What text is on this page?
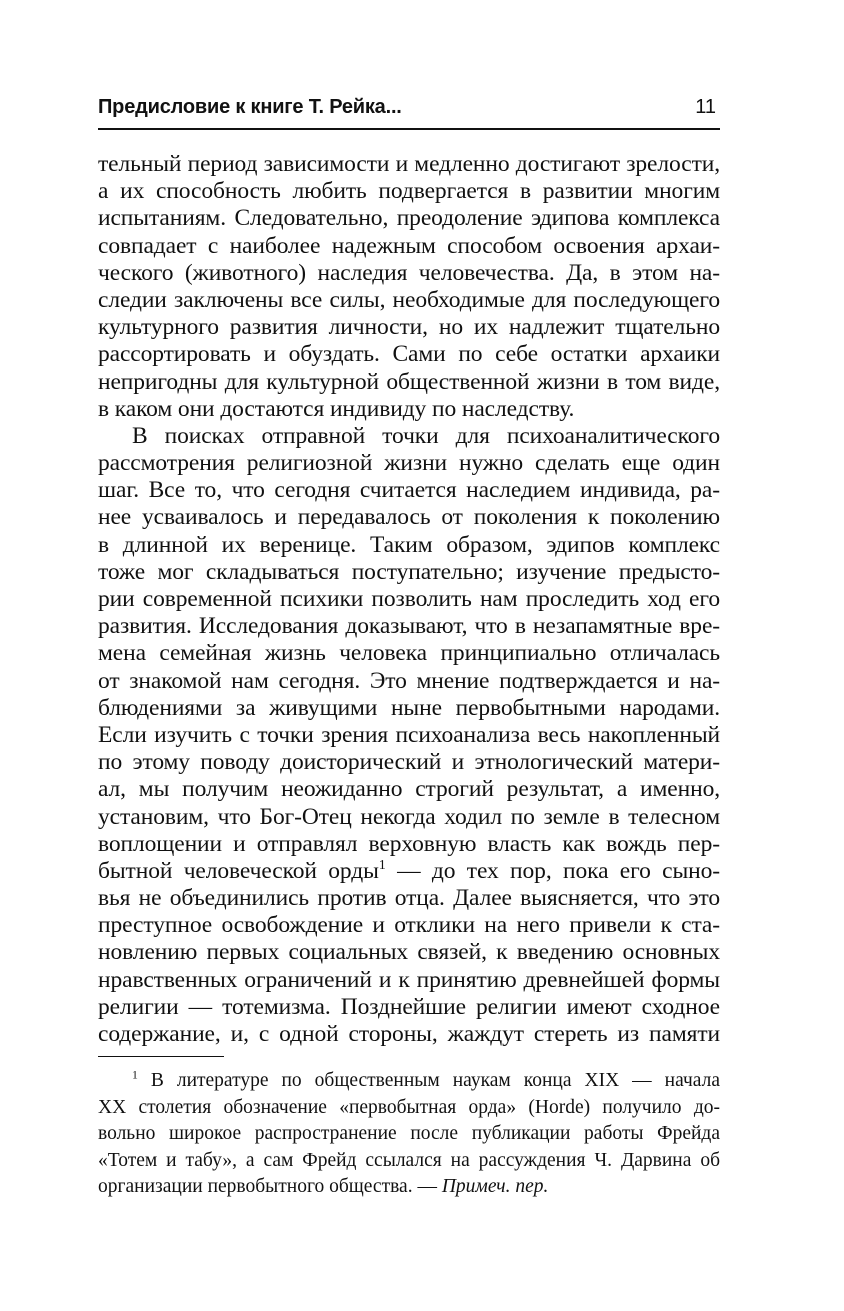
Предисловие к книге Т. Рейка...	11
тельный период зависимости и медленно достигают зрелости,
а их способность любить подвергается в развитии многим
испытаниям. Следовательно, преодоление эдипова комплекса
совпадает с наиболее надежным способом освоения архаи-
ческого (животного) наследия человечества. Да, в этом на-
следии заключены все силы, необходимые для последующего
культурного развития личности, но их надлежит тщательно
рассортировать и обуздать. Сами по себе остатки архаики
непригодны для культурной общественной жизни в том виде,
в каком они достаются индивиду по наследству.
В поисках отправной точки для психоаналитического
рассмотрения религиозной жизни нужно сделать еще один
шаг. Все то, что сегодня считается наследием индивида, ра-
нее усваивалось и передавалось от поколения к поколению
в длинной их веренице. Таким образом, эдипов комплекс
тоже мог складываться поступательно; изучение предысто-
рии современной психики позволить нам проследить ход его
развития. Исследования доказывают, что в незапамятные вре-
мена семейная жизнь человека принципиально отличалась
от знакомой нам сегодня. Это мнение подтверждается и на-
блюдениями за живущими ныне первобытными народами.
Если изучить с точки зрения психоанализа весь накопленный
по этому поводу доисторический и этнологический матери-
ал, мы получим неожиданно строгий результат, а именно,
установим, что Бог-Отец некогда ходил по земле в телесном
воплощении и отправлял верховную власть как вождь пер-
бытной человеческой орды$^1$ — до тех пор, пока его сыно-
вья не объединились против отца. Далее выясняется, что это
преступное освобождение и отклики на него привели к ста-
новлению первых социальных связей, к введению основных
нравственных ограничений и к принятию древнейшей формы
религии — тотемизма. Позднейшие религии имеют сходное
содержание, и, с одной стороны, жаждут стереть из памяти
$^1$ В литературе по общественным наукам конца XIX — начала
XX столетия обозначение «первобытная орда» (Horde) получило до-
вольно широкое распространение после публикации работы Фрейда
«Тотем и табу», а сам Фрейд ссылался на рассуждения Ч. Дарвина об
организации первобытного общества. — Примеч. пер.
